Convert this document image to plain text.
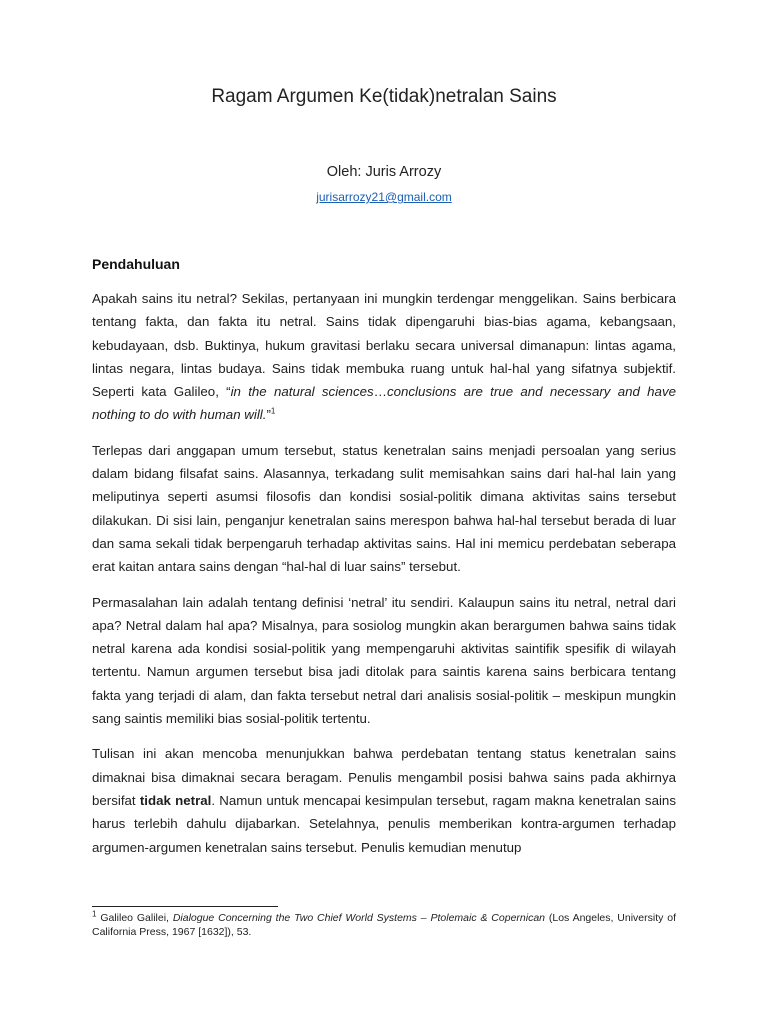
Ragam Argumen Ke(tidak)netralan Sains
Oleh: Juris Arrozy
jurisarrozy21@gmail.com
Pendahuluan

Apakah sains itu netral? Sekilas, pertanyaan ini mungkin terdengar menggelikan. Sains berbicara tentang fakta, dan fakta itu netral. Sains tidak dipengaruhi bias-bias agama, kebangsaan, kebudayaan, dsb. Buktinya, hukum gravitasi berlaku secara universal dimanapun: lintas agama, lintas negara, lintas budaya. Sains tidak membuka ruang untuk hal-hal yang sifatnya subjektif. Seperti kata Galileo, “in the natural sciences…conclusions are true and necessary and have nothing to do with human will.”$^1$

Terlepas dari anggapan umum tersebut, status kenetralan sains menjadi persoalan yang serius dalam bidang filsafat sains. Alasannya, terkadang sulit memisahkan sains dari hal-hal lain yang meliputinya seperti asumsi filosofis dan kondisi sosial-politik dimana aktivitas sains tersebut dilakukan. Di sisi lain, penganjur kenetralan sains merespon bahwa hal-hal tersebut berada di luar dan sama sekali tidak berpengaruh terhadap aktivitas sains. Hal ini memicu perdebatan seberapa erat kaitan antara sains dengan “hal-hal di luar sains” tersebut.

Permasalahan lain adalah tentang definisi ‘netral’ itu sendiri. Kalaupun sains itu netral, netral dari apa? Netral dalam hal apa? Misalnya, para sosiolog mungkin akan berargumen bahwa sains tidak netral karena ada kondisi sosial-politik yang mempengaruhi aktivitas saintifik spesifik di wilayah tertentu. Namun argumen tersebut bisa jadi ditolak para saintis karena sains berbicara tentang fakta yang terjadi di alam, dan fakta tersebut netral dari analisis sosial-politik – meskipun mungkin sang saintis memiliki bias sosial-politik tertentu.

Tulisan ini akan mencoba menunjukkan bahwa perdebatan tentang status kenetralan sains dimaknai bisa dimaknai secara beragam. Penulis mengambil posisi bahwa sains pada akhirnya bersifat tidak netral. Namun untuk mencapai kesimpulan tersebut, ragam makna kenetralan sains harus terlebih dahulu dijabarkan. Setelahnya, penulis memberikan kontra-argumen terhadap argumen-argumen kenetralan sains tersebut. Penulis kemudian menutup

$^1$ Galileo Galilei, Dialogue Concerning the Two Chief World Systems – Ptolemaic & Copernican (Los Angeles, University of California Press, 1967 [1632]), 53.
